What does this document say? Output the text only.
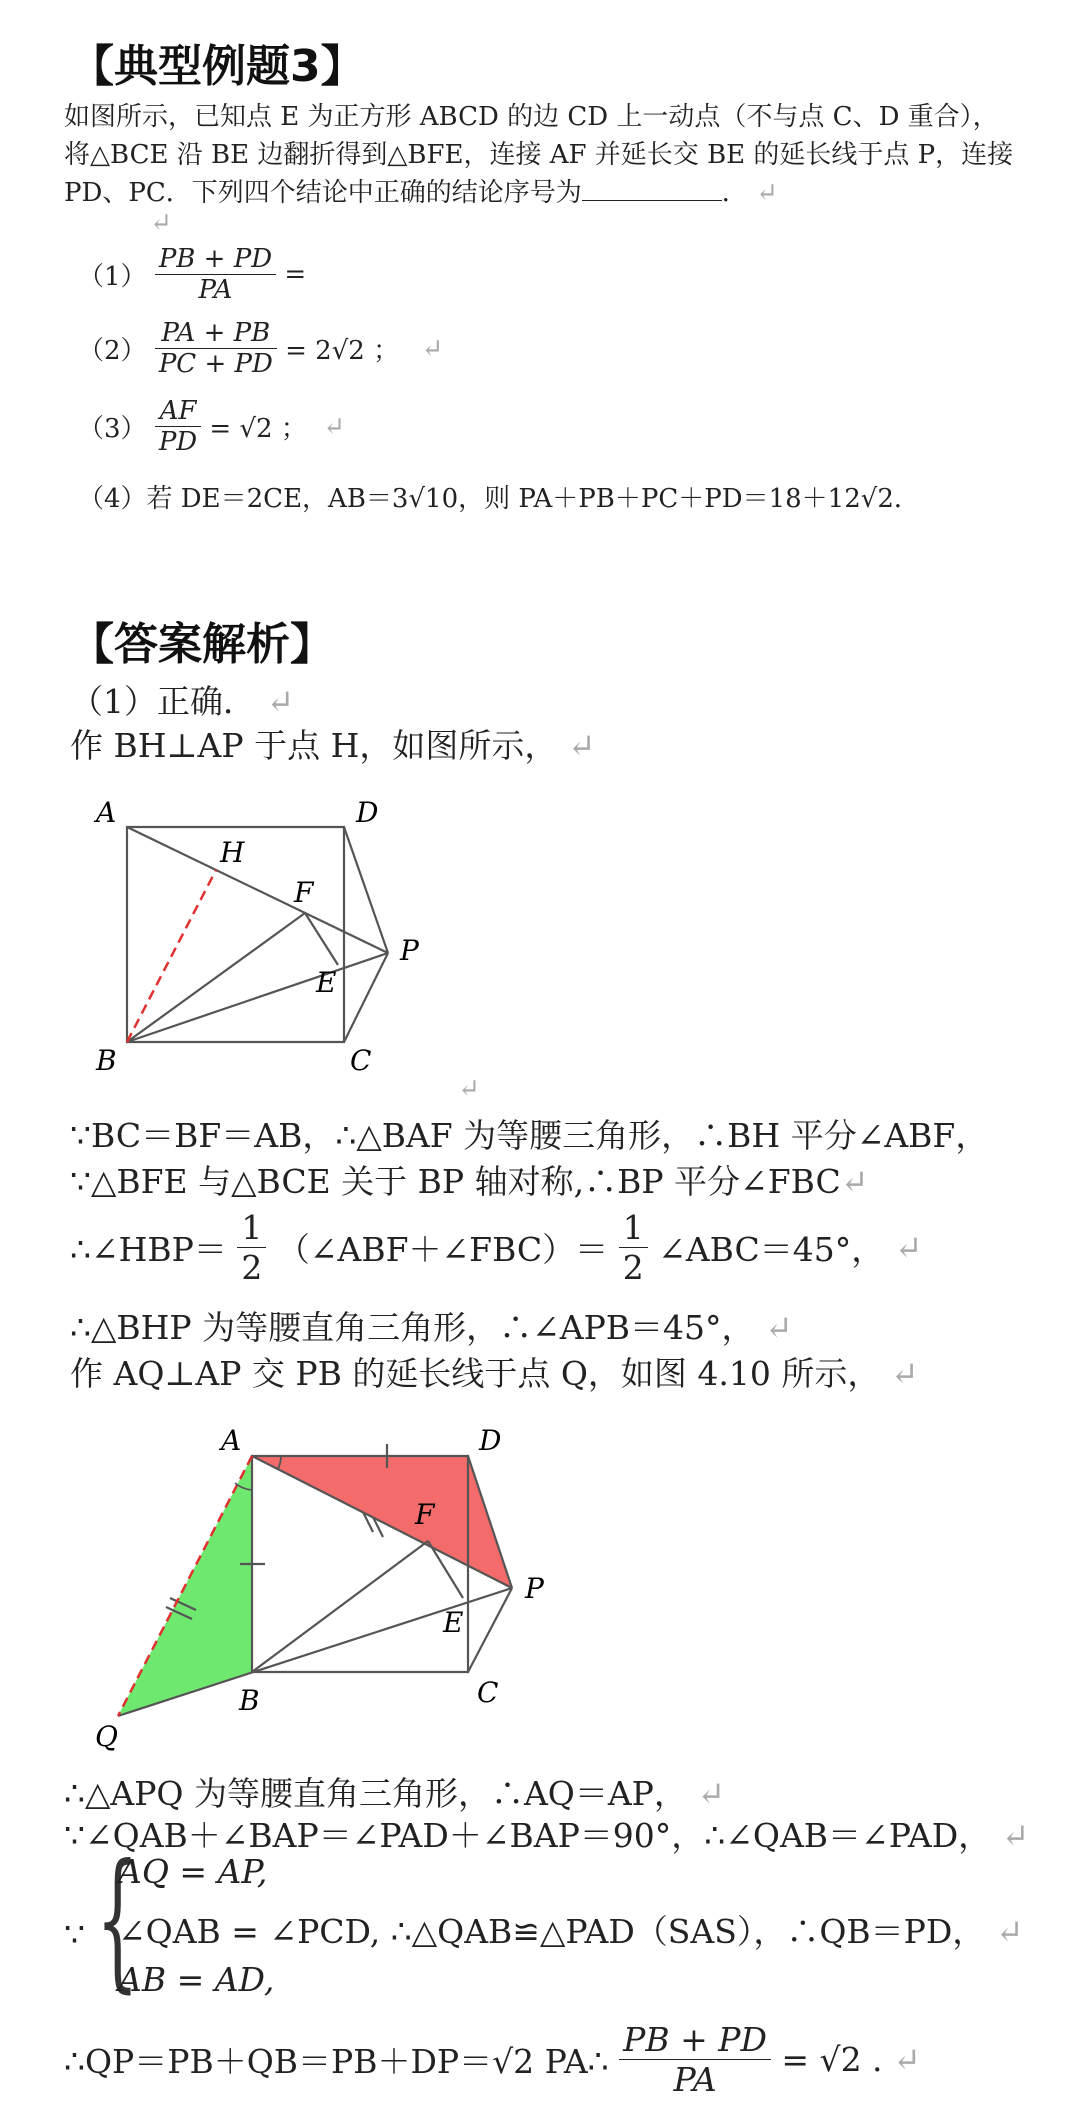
【典型例题3】
如图所示，已知点 E 为正方形 ABCD 的边 CD 上一动点（不与点 C、D 重合），
将△BCE 沿 BE 边翻折得到△BFE，连接 AF 并延长交 BE 的延长线于点 P，连接
PD、PC．下列四个结论中正确的结论序号为	． ↵
↵
$(1) \frac{PB + PD}{PA}$ =
$(2) \frac{PA + PB}{PC + PD} = 2√2$ ； ↵
$(3) \frac{AF}{PD} = √2$ ； ↵
（4）若 DE＝2CE，AB＝3√10，则 PA＋PB＋PC＋PD＝18＋12√2．
【答案解析】
（1）正确． ↵
作 BH⊥AP 于点 H，如图所示， ↵
A	D
H
F
P
E
B	C
↵
∵BC＝BF＝AB，∴△BAF 为等腰三角形，∴BH 平分∠ABF，
∵△BFE 与△BCE 关于 BP 轴对称,∴BP 平分∠FBC↵
∴∠HBP＝ $\frac{1}{2}$ （∠ABF＋∠FBC）＝ $\frac{1}{2}$ ∠ABC＝45°， ↵
∴△BHP 为等腰直角三角形，∴∠APB＝45°， ↵
作 AQ⊥AP 交 PB 的延长线于点 Q，如图 4.10 所示， ↵
A	D
F
P
E
B	C
Q
∴△APQ 为等腰直角三角形，∴AQ＝AP， ↵
∵∠QAB＋∠BAP＝∠PAD＋∠BAP＝90°，∴∠QAB＝∠PAD， ↵
∵ {
AQ = AP,
∠QAB = ∠PCD, ∴△QAB≌△PAD（SAS），∴QB＝PD， ↵
AB = AD,
∴QP＝PB＋QB＝PB＋DP＝√2 PA∴ $\frac{PB + PD}{PA} = √2$ . ↵
